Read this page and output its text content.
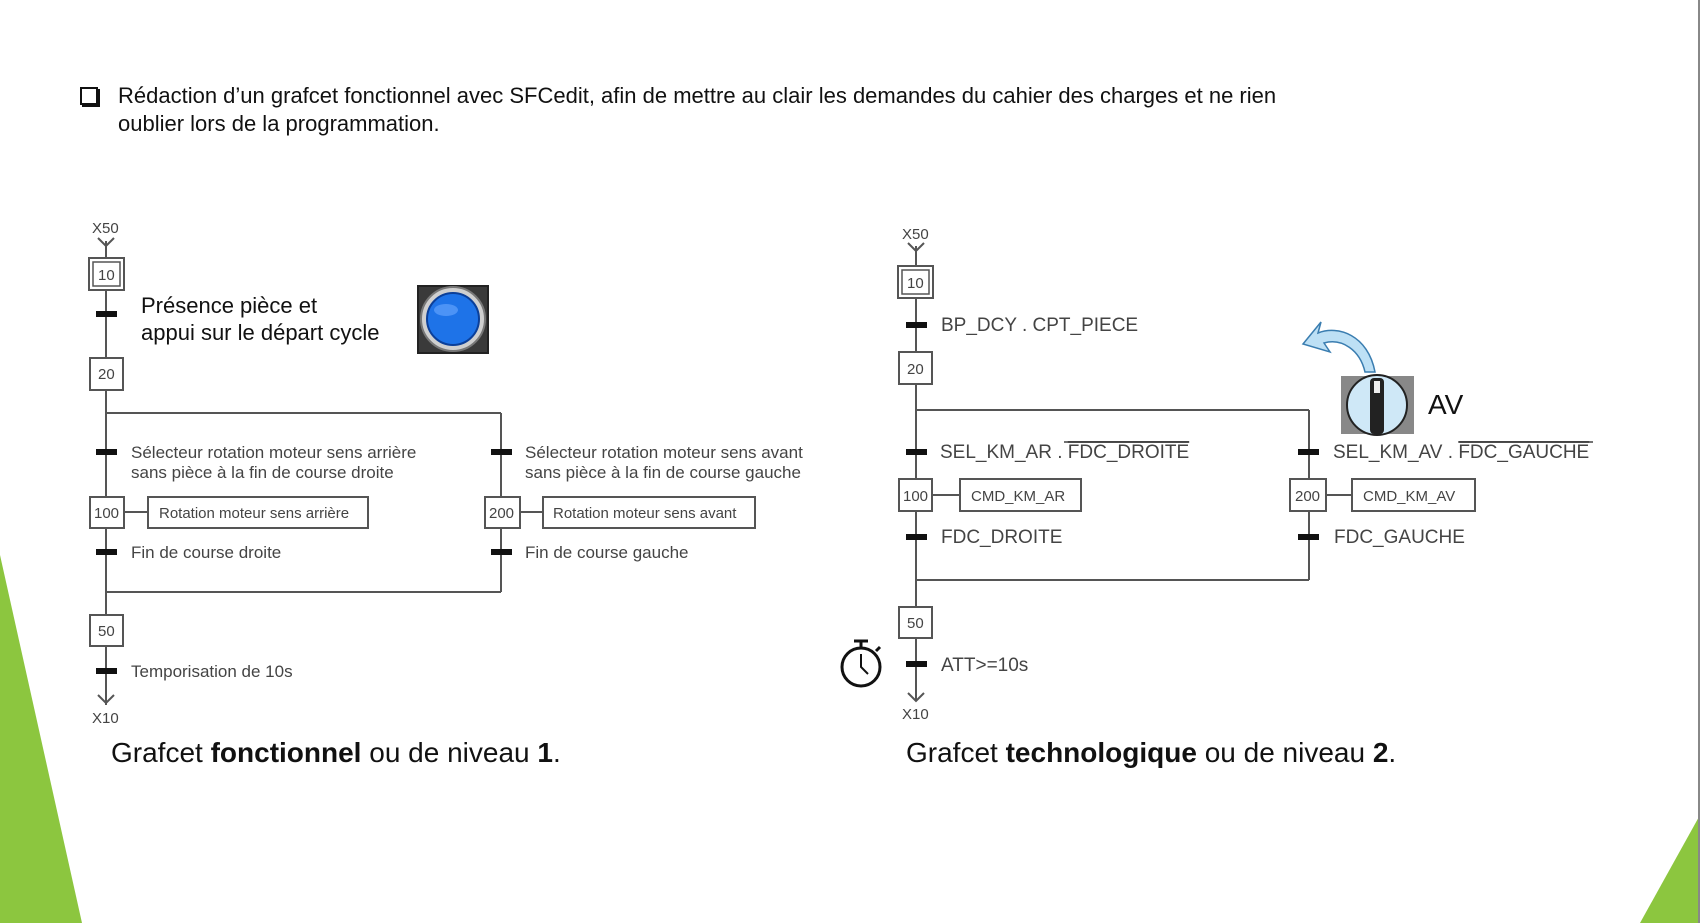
Rédaction d’un grafcet fonctionnel avec SFCedit, afin de mettre au clair les demandes du cahier des charges et ne rien oublier lors de la programmation.
X50
X10
10
20
100	200
50
Rotation moteur sens arrière	Rotation moteur sens avant
Sélecteur rotation moteur sens arrière
sans pièce à la fin de course droite
Sélecteur rotation moteur sens avant
sans pièce à la fin de course gauche
Fin de course droite	Fin de course gauche
Temporisation de 10s
Présence pièce et
appui sur le départ cycle
X50
X10
10
20
100	200
50
CMD_KM_AR	CMD_KM_AV
BP_DCY . CPT_PIECE
SEL_KM_AR . FDC_DROITE	SEL_KM_AV . FDC_GAUCHE
FDC_DROITE	FDC_GAUCHE
ATT>=10s
AV
Grafcet fonctionnel ou de niveau 1.	Grafcet technologique ou de niveau 2.
